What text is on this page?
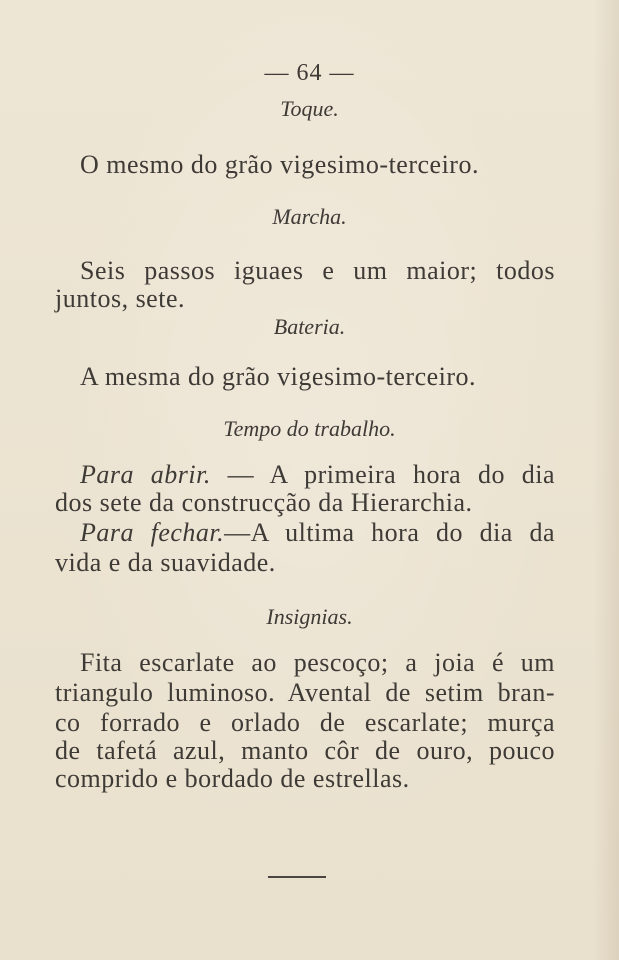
— 64 —
Toque.
O mesmo do grão vigesimo-terceiro.
Marcha.
Seis passos iguaes e um maior; todos
juntos, sete.
Bateria.
A mesma do grão vigesimo-terceiro.
Tempo do trabalho.
Para abrir. — A primeira hora do dia
dos sete da construcção da Hierarchia.
Para fechar.—A ultima hora do dia da
vida e da suavidade.
Insignias.
Fita escarlate ao pescoço; a joia é um
triangulo luminoso. Avental de setim bran-
co forrado e orlado de escarlate; murça
de tafetá azul, manto côr de ouro, pouco
comprido e bordado de estrellas.
